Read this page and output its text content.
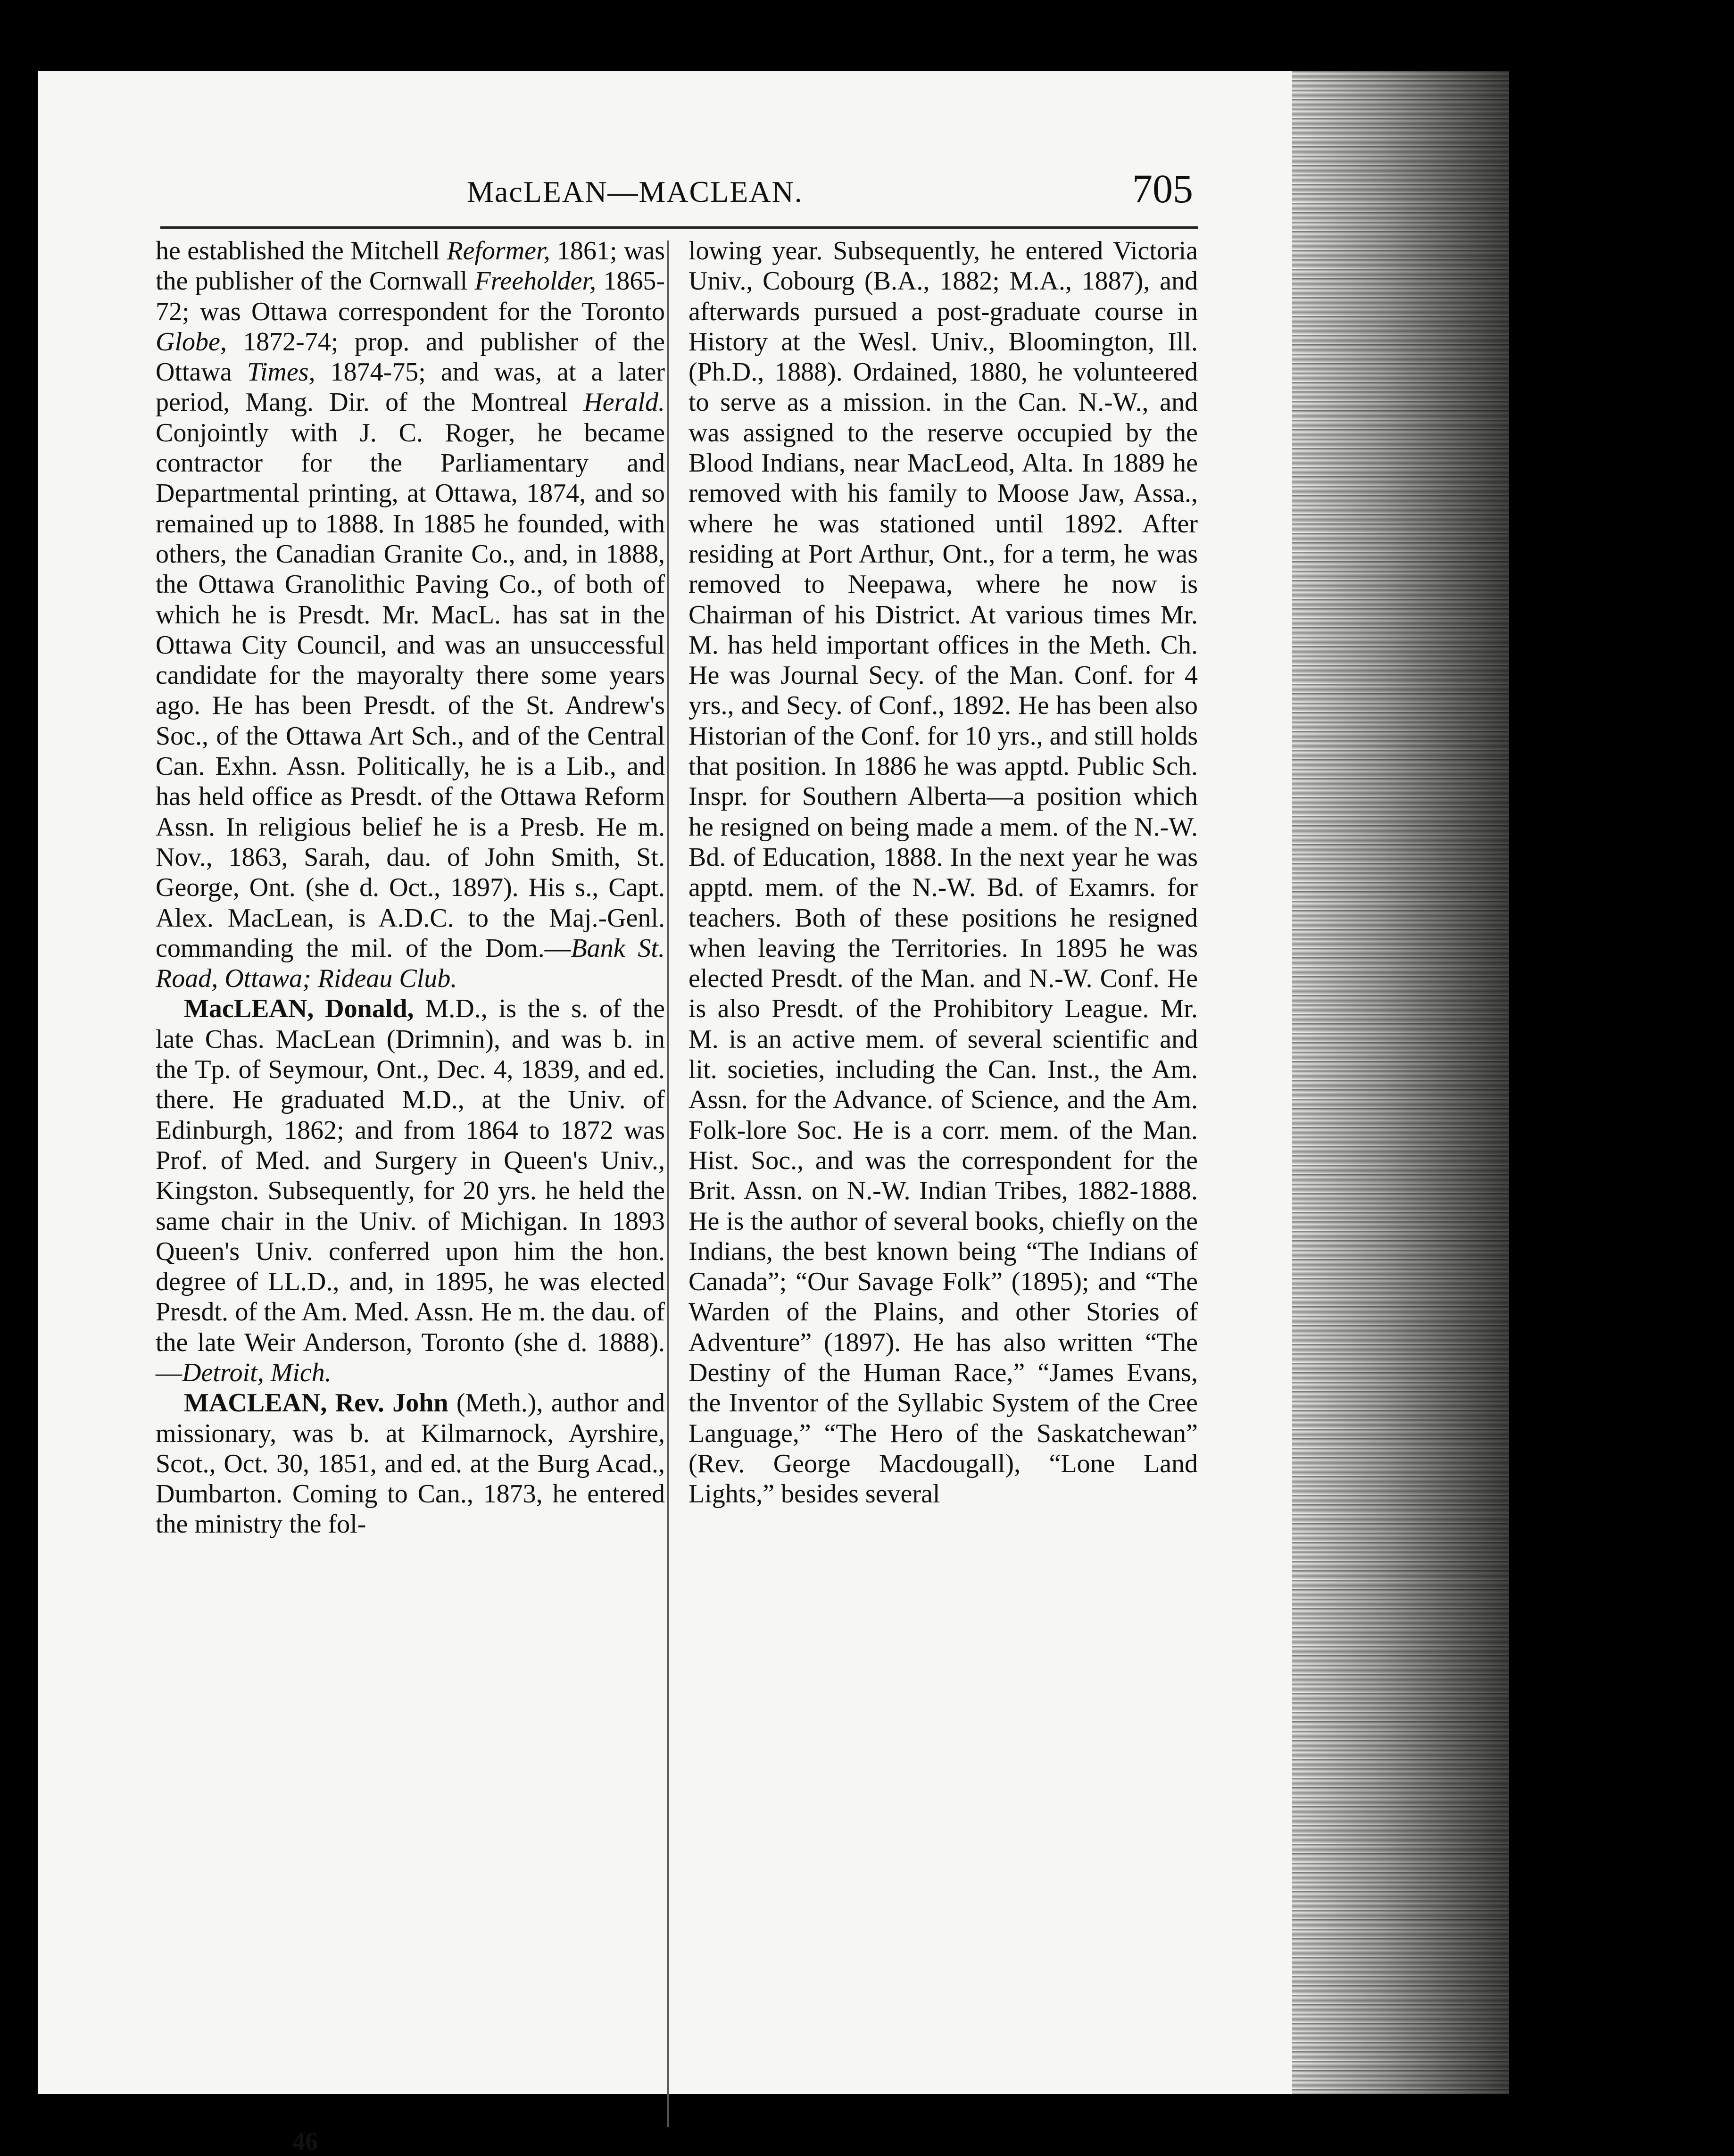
MacLEAN—MACLEAN.	705

he established the Mitchell Reformer, 1861; was the publisher of the Cornwall Freeholder, 1865-72; was Ottawa correspondent for the Toronto Globe, 1872-74; prop. and publisher of the Ottawa Times, 1874-75; and was, at a later period, Mang. Dir. of the Montreal Herald. Conjointly with J. C. Roger, he became contractor for the Parliamentary and Departmental printing, at Ottawa, 1874, and so remained up to 1888. In 1885 he founded, with others, the Canadian Granite Co., and, in 1888, the Ottawa Granolithic Paving Co., of both of which he is Presdt. Mr. MacL. has sat in the Ottawa City Council, and was an unsuccessful candidate for the mayoralty there some years ago. He has been Presdt. of the St. Andrew's Soc., of the Ottawa Art Sch., and of the Central Can. Exhn. Assn. Politically, he is a Lib., and has held office as Presdt. of the Ottawa Reform Assn. In religious belief he is a Presb. He m. Nov., 1863, Sarah, dau. of John Smith, St. George, Ont. (she d. Oct., 1897). His s., Capt. Alex. MacLean, is A.D.C. to the Maj.-Genl. commanding the mil. of the Dom.—Bank St. Road, Ottawa; Rideau Club.

MacLEAN, Donald, M.D., is the s. of the late Chas. MacLean (Drimnin), and was b. in the Tp. of Seymour, Ont., Dec. 4, 1839, and ed. there. He graduated M.D., at the Univ. of Edinburgh, 1862; and from 1864 to 1872 was Prof. of Med. and Surgery in Queen's Univ., Kingston. Subsequently, for 20 yrs. he held the same chair in the Univ. of Michigan. In 1893 Queen's Univ. conferred upon him the hon. degree of LL.D., and, in 1895, he was elected Presdt. of the Am. Med. Assn. He m. the dau. of the late Weir Anderson, Toronto (she d. 1888).—Detroit, Mich.

MACLEAN, Rev. John (Meth.), author and missionary, was b. at Kilmarnock, Ayrshire, Scot., Oct. 30, 1851, and ed. at the Burg Acad., Dumbarton. Coming to Can., 1873, he entered the ministry the fol-

lowing year. Subsequently, he entered Victoria Univ., Cobourg (B.A., 1882; M.A., 1887), and afterwards pursued a post-graduate course in History at the Wesl. Univ., Bloomington, Ill. (Ph.D., 1888). Ordained, 1880, he volunteered to serve as a mission. in the Can. N.-W., and was assigned to the reserve occupied by the Blood Indians, near MacLeod, Alta. In 1889 he removed with his family to Moose Jaw, Assa., where he was stationed until 1892. After residing at Port Arthur, Ont., for a term, he was removed to Neepawa, where he now is Chairman of his District. At various times Mr. M. has held important offices in the Meth. Ch. He was Journal Secy. of the Man. Conf. for 4 yrs., and Secy. of Conf., 1892. He has been also Historian of the Conf. for 10 yrs., and still holds that position. In 1886 he was apptd. Public Sch. Inspr. for Southern Alberta—a position which he resigned on being made a mem. of the N.-W. Bd. of Education, 1888. In the next year he was apptd. mem. of the N.-W. Bd. of Examrs. for teachers. Both of these positions he resigned when leaving the Territories. In 1895 he was elected Presdt. of the Man. and N.-W. Conf. He is also Presdt. of the Prohibitory League. Mr. M. is an active mem. of several scientific and lit. societies, including the Can. Inst., the Am. Assn. for the Advance. of Science, and the Am. Folk-lore Soc. He is a corr. mem. of the Man. Hist. Soc., and was the correspondent for the Brit. Assn. on N.-W. Indian Tribes, 1882-1888. He is the author of several books, chiefly on the Indians, the best known being “The Indians of Canada”; “Our Savage Folk” (1895); and “The Warden of the Plains, and other Stories of Adventure” (1897). He has also written “The Destiny of the Human Race,” “James Evans, the Inventor of the Syllabic System of the Cree Language,” “The Hero of the Saskatchewan” (Rev. George Macdougall), “Lone Land Lights,” besides several

46
